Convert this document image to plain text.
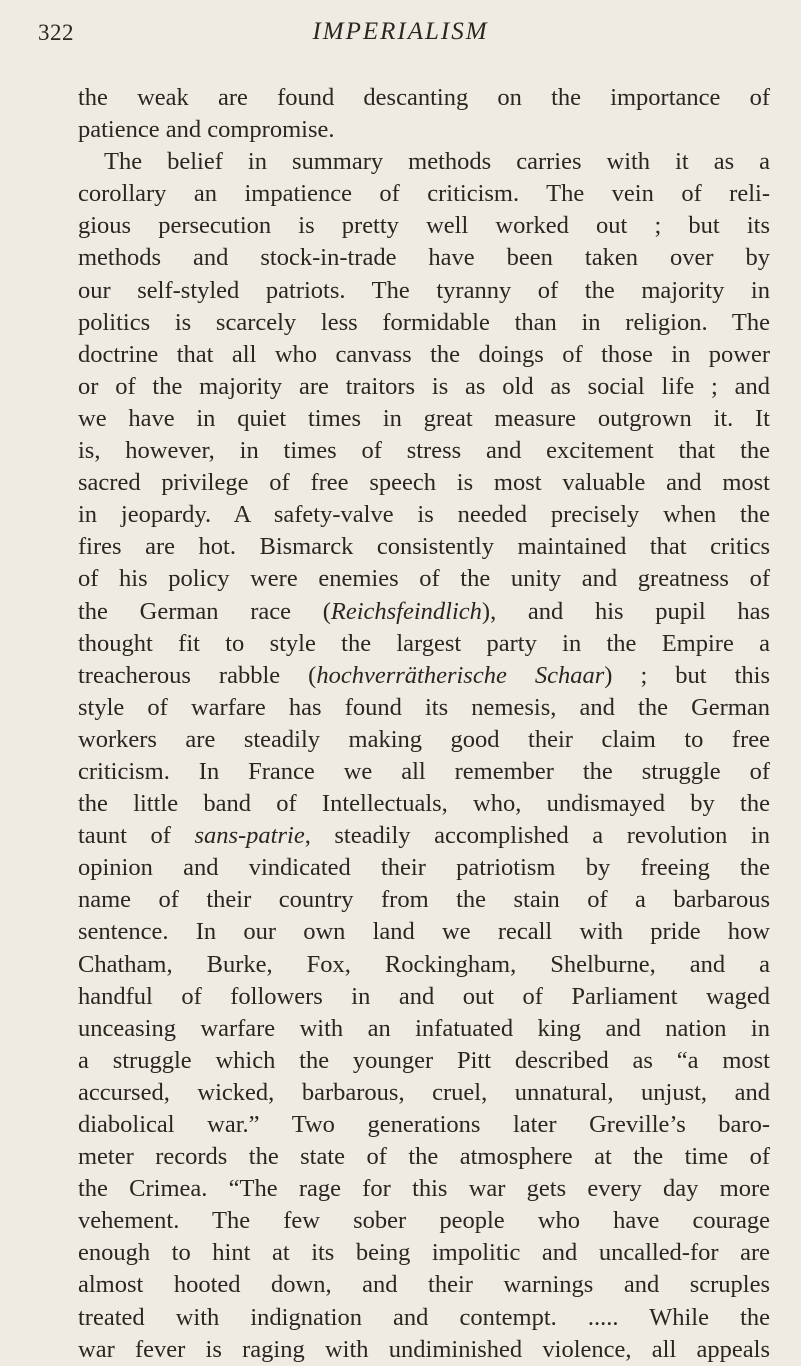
322	IMPERIALISM
the weak are found descanting on the importance of
patience and compromise.
The belief in summary methods carries with it as a
corollary an impatience of criticism. The vein of reli-
gious persecution is pretty well worked out ; but its
methods and stock-in-trade have been taken over by
our self-styled patriots. The tyranny of the majority in
politics is scarcely less formidable than in religion. The
doctrine that all who canvass the doings of those in power
or of the majority are traitors is as old as social life ; and
we have in quiet times in great measure outgrown it. It
is, however, in times of stress and excitement that the
sacred privilege of free speech is most valuable and most
in jeopardy. A safety-valve is needed precisely when the
fires are hot. Bismarck consistently maintained that critics
of his policy were enemies of the unity and greatness of
the German race (Reichsfeindlich), and his pupil has
thought fit to style the largest party in the Empire a
treacherous rabble (hochverrätherische Schaar) ; but this
style of warfare has found its nemesis, and the German
workers are steadily making good their claim to free
criticism. In France we all remember the struggle of
the little band of Intellectuals, who, undismayed by the
taunt of sans-patrie, steadily accomplished a revolution in
opinion and vindicated their patriotism by freeing the
name of their country from the stain of a barbarous
sentence. In our own land we recall with pride how
Chatham, Burke, Fox, Rockingham, Shelburne, and a
handful of followers in and out of Parliament waged
unceasing warfare with an infatuated king and nation in
a struggle which the younger Pitt described as “a most
accursed, wicked, barbarous, cruel, unnatural, unjust, and
diabolical war.” Two generations later Greville’s baro-
meter records the state of the atmosphere at the time of
the Crimea. “The rage for this war gets every day more
vehement. The few sober people who have courage
enough to hint at its being impolitic and uncalled-for are
almost hooted down, and their warnings and scruples
treated with indignation and contempt. ..... While the
war fever is raging with undiminished violence, all appeals
